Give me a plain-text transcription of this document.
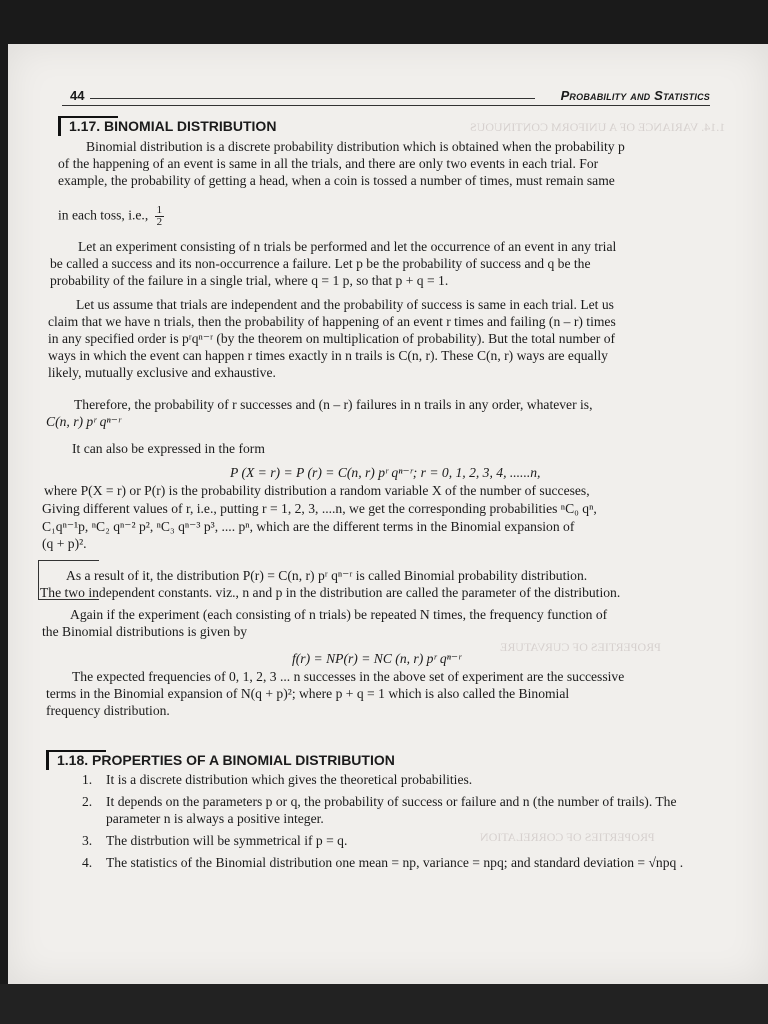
1.14. VARIANCE OF A UNIFORM CONTINUOUS
PROPERTIES OF CURVATURE
PROPERTIES OF CORRELATION
44	Probability and Statistics
1.17. BINOMIAL DISTRIBUTION
Binomial distribution is a discrete probability distribution which is obtained when the probability p
of the happening of an event is same in all the trials, and there are only two events in each trial. For
example, the probability of getting a head, when a coin is tossed a number of times, must remain same
in each toss, i.e., $\frac{1}{2}$
Let an experiment consisting of n trials be performed and let the occurrence of an event in any trial
be called a success and its non-occurrence a failure. Let p be the probability of success and q be the
probability of the failure in a single trial, where q = 1 p, so that p + q = 1.
Let us assume that trials are independent and the probability of success is same in each trial. Let us
claim that we have n trials, then the probability of happening of an event r times and failing (n – r) times
in any specified order is pʳqⁿ⁻ʳ (by the theorem on multiplication of probability). But the total number of
ways in which the event can happen r times exactly in n trails is C(n, r). These C(n, r) ways are equally
likely, mutually exclusive and exhaustive.
Therefore, the probability of r successes and (n – r) failures in n trails in any order, whatever is,
C(n, r) pʳ qⁿ⁻ʳ
It can also be expressed in the form
P (X = r) = P (r) = C(n, r) pʳ qⁿ⁻ʳ; r = 0, 1, 2, 3, 4, ......n,
where P(X = r) or P(r) is the probability distribution a random variable X of the number of succeses,
Giving different values of r, i.e., putting r = 1, 2, 3, ....n, we get the corresponding probabilities ⁿC₀ qⁿ,
C₁qⁿ⁻¹p, ⁿC₂ qⁿ⁻² p², ⁿC₃ qⁿ⁻³ p³, .... pⁿ, which are the different terms in the Binomial expansion of
(q + p)².
As a result of it, the distribution P(r) = C(n, r) pʳ qⁿ⁻ʳ is called Binomial probability distribution.
The two independent constants. viz., n and p in the distribution are called the parameter of the distribution.
Again if the experiment (each consisting of n trials) be repeated N times, the frequency function of
the Binomial distributions is given by
f(r) = NP(r) = NC (n, r) pʳ qⁿ⁻ʳ
The expected frequencies of 0, 1, 2, 3 ... n successes in the above set of experiment are the successive
terms in the Binomial expansion of N(q + p)²; where p + q = 1 which is also called the Binomial
frequency distribution.
1.18. PROPERTIES OF A BINOMIAL DISTRIBUTION
1.	It is a discrete distribution which gives the theoretical probabilities.
2.	It depends on the parameters p or q, the probability of success or failure and n (the number of trails). The parameter n is always a positive integer.
3.	The distrbution will be symmetrical if p = q.
4.	The statistics of the Binomial distribution one mean = np, variance = npq; and standard deviation = √npq .
